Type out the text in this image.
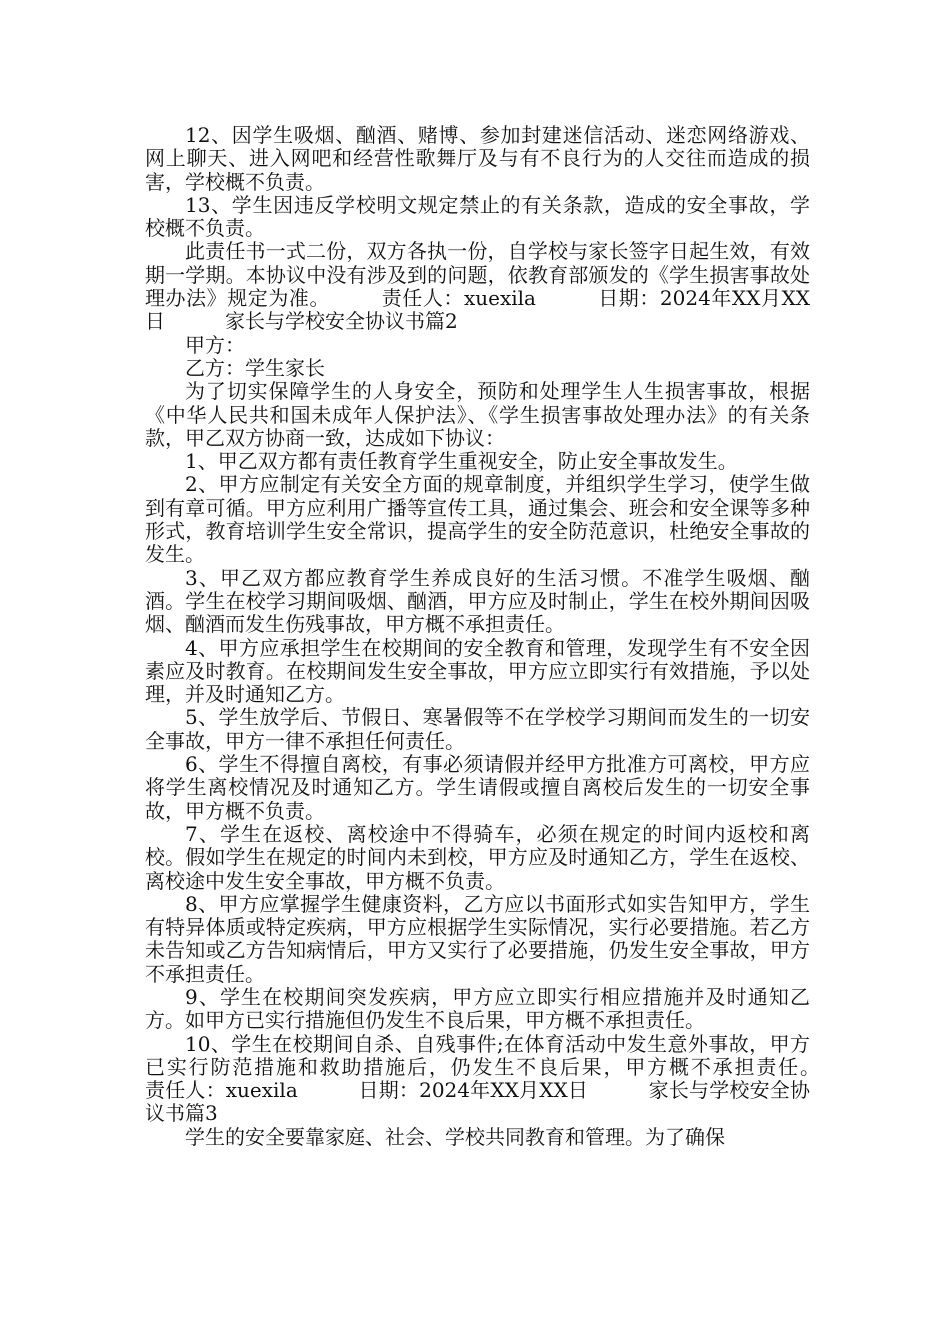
12、因学生吸烟、酗酒、赌博、参加封建迷信活动、迷恋网络游戏、网上聊天、进入网吧和经营性歌舞厅及与有不良行为的人交往而造成的损害，学校概不负责。

13、学生因违反学校明文规定禁止的有关条款，造成的安全事故，学校概不负责。

此责任书一式二份，双方各执一份，自学校与家长签字日起生效，有效期一学期。本协议中没有涉及到的问题，依教育部颁发的《学生损害事故处理办法》规定为准。　　　责任人：xuexila　　　日期：2024年XX月XX日　　　家长与学校安全协议书篇2

甲方：

乙方：学生家长

为了切实保障学生的人身安全，预防和处理学生人生损害事故，根据《中华人民共和国未成年人保护法》、《学生损害事故处理办法》的有关条款，甲乙双方协商一致，达成如下协议：

1、甲乙双方都有责任教育学生重视安全，防止安全事故发生。

2、甲方应制定有关安全方面的规章制度，并组织学生学习，使学生做到有章可循。甲方应利用广播等宣传工具，通过集会、班会和安全课等多种形式，教育培训学生安全常识，提高学生的安全防范意识，杜绝安全事故的发生。

3、甲乙双方都应教育学生养成良好的生活习惯。不准学生吸烟、酗酒。学生在校学习期间吸烟、酗酒，甲方应及时制止，学生在校外期间因吸烟、酗酒而发生伤残事故，甲方概不承担责任。

4、甲方应承担学生在校期间的安全教育和管理，发现学生有不安全因素应及时教育。在校期间发生安全事故，甲方应立即实行有效措施，予以处理，并及时通知乙方。

5、学生放学后、节假日、寒暑假等不在学校学习期间而发生的一切安全事故，甲方一律不承担任何责任。

6、学生不得擅自离校，有事必须请假并经甲方批准方可离校，甲方应将学生离校情况及时通知乙方。学生请假或擅自离校后发生的一切安全事故，甲方概不负责。

7、学生在返校、离校途中不得骑车，必须在规定的时间内返校和离校。假如学生在规定的时间内未到校，甲方应及时通知乙方，学生在返校、离校途中发生安全事故，甲方概不负责。

8、甲方应掌握学生健康资料，乙方应以书面形式如实告知甲方，学生有特异体质或特定疾病，甲方应根据学生实际情况，实行必要措施。若乙方未告知或乙方告知病情后，甲方又实行了必要措施，仍发生安全事故，甲方不承担责任。

9、学生在校期间突发疾病，甲方应立即实行相应措施并及时通知乙方。如甲方已实行措施但仍发生不良后果，甲方概不承担责任。

10、学生在校期间自杀、自残事件;在体育活动中发生意外事故，甲方已实行防范措施和救助措施后，仍发生不良后果，甲方概不承担责任。　　　责任人：xuexila　　　日期：2024年XX月XX日　　　家长与学校安全协议书篇3

学生的安全要靠家庭、社会、学校共同教育和管理。为了确保
